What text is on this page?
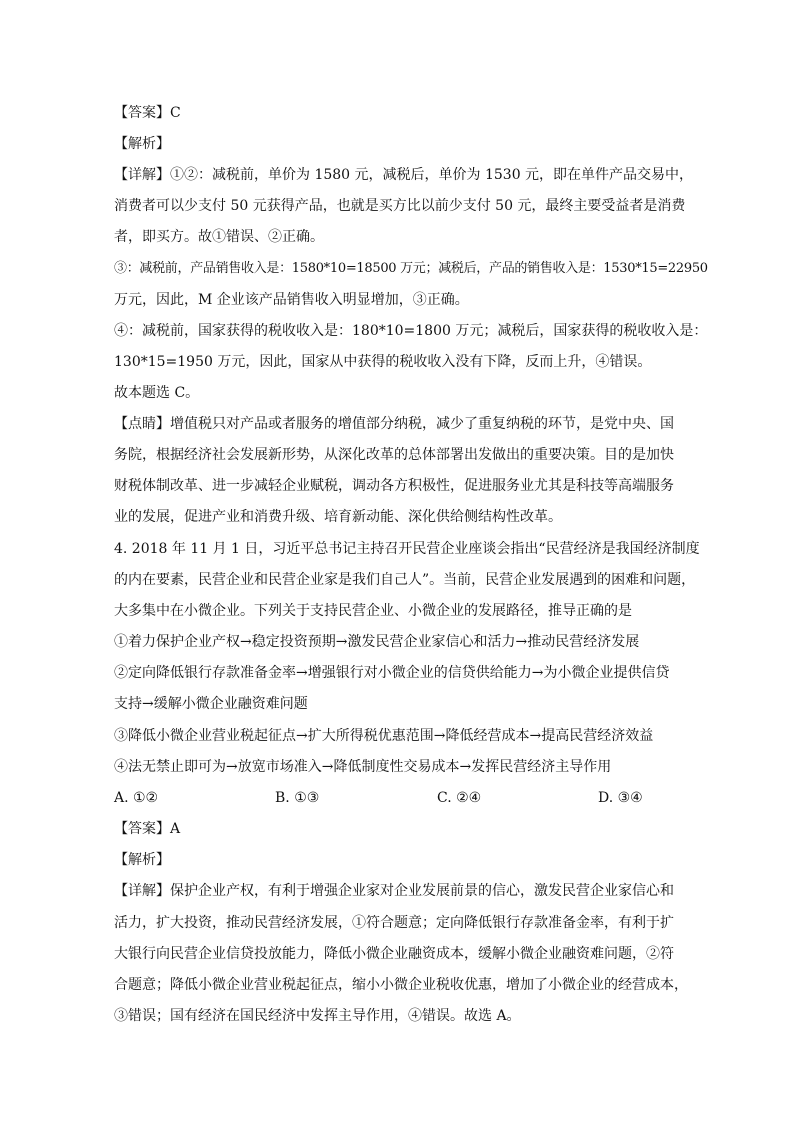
【答案】C
【解析】
【详解】①②：减税前，单价为 1580 元，减税后，单价为 1530 元，即在单件产品交易中，
消费者可以少支付 50 元获得产品，也就是买方比以前少支付 50 元，最终主要受益者是消费
者，即买方。故①错误、②正确。
③：减税前，产品销售收入是：1580*10=18500 万元；减税后，产品的销售收入是：1530*15=22950
万元，因此，M 企业该产品销售收入明显增加，③正确。
④：减税前，国家获得的税收收入是：180*10=1800 万元；减税后，国家获得的税收收入是：
130*15=1950 万元，因此，国家从中获得的税收收入没有下降，反而上升，④错误。
故本题选 C。
【点睛】增值税只对产品或者服务的增值部分纳税，减少了重复纳税的环节，是党中央、国
务院，根据经济社会发展新形势，从深化改革的总体部署出发做出的重要决策。目的是加快
财税体制改革、进一步减轻企业赋税，调动各方积极性，促进服务业尤其是科技等高端服务
业的发展，促进产业和消费升级、培育新动能、深化供给侧结构性改革。
4. 2018 年 11 月 1 日，习近平总书记主持召开民营企业座谈会指出“民营经济是我国经济制度
的内在要素，民营企业和民营企业家是我们自己人”。当前，民营企业发展遇到的困难和问题，
大多集中在小微企业。下列关于支持民营企业、小微企业的发展路径，推导正确的是
①着力保护企业产权→稳定投资预期→激发民营企业家信心和活力→推动民营经济发展
②定向降低银行存款准备金率→增强银行对小微企业的信贷供给能力→为小微企业提供信贷
支持→缓解小微企业融资难问题
③降低小微企业营业税起征点→扩大所得税优惠范围→降低经营成本→提高民营经济效益
④法无禁止即可为→放宽市场准入→降低制度性交易成本→发挥民营经济主导作用
A. ①②	B. ①③	C. ②④	D. ③④
【答案】A
【解析】
【详解】保护企业产权，有利于增强企业家对企业发展前景的信心，激发民营企业家信心和
活力，扩大投资，推动民营经济发展，①符合题意；定向降低银行存款准备金率，有利于扩
大银行向民营企业信贷投放能力，降低小微企业融资成本，缓解小微企业融资难问题，②符
合题意；降低小微企业营业税起征点，缩小小微企业税收优惠，增加了小微企业的经营成本，
③错误；国有经济在国民经济中发挥主导作用，④错误。故选 A。
